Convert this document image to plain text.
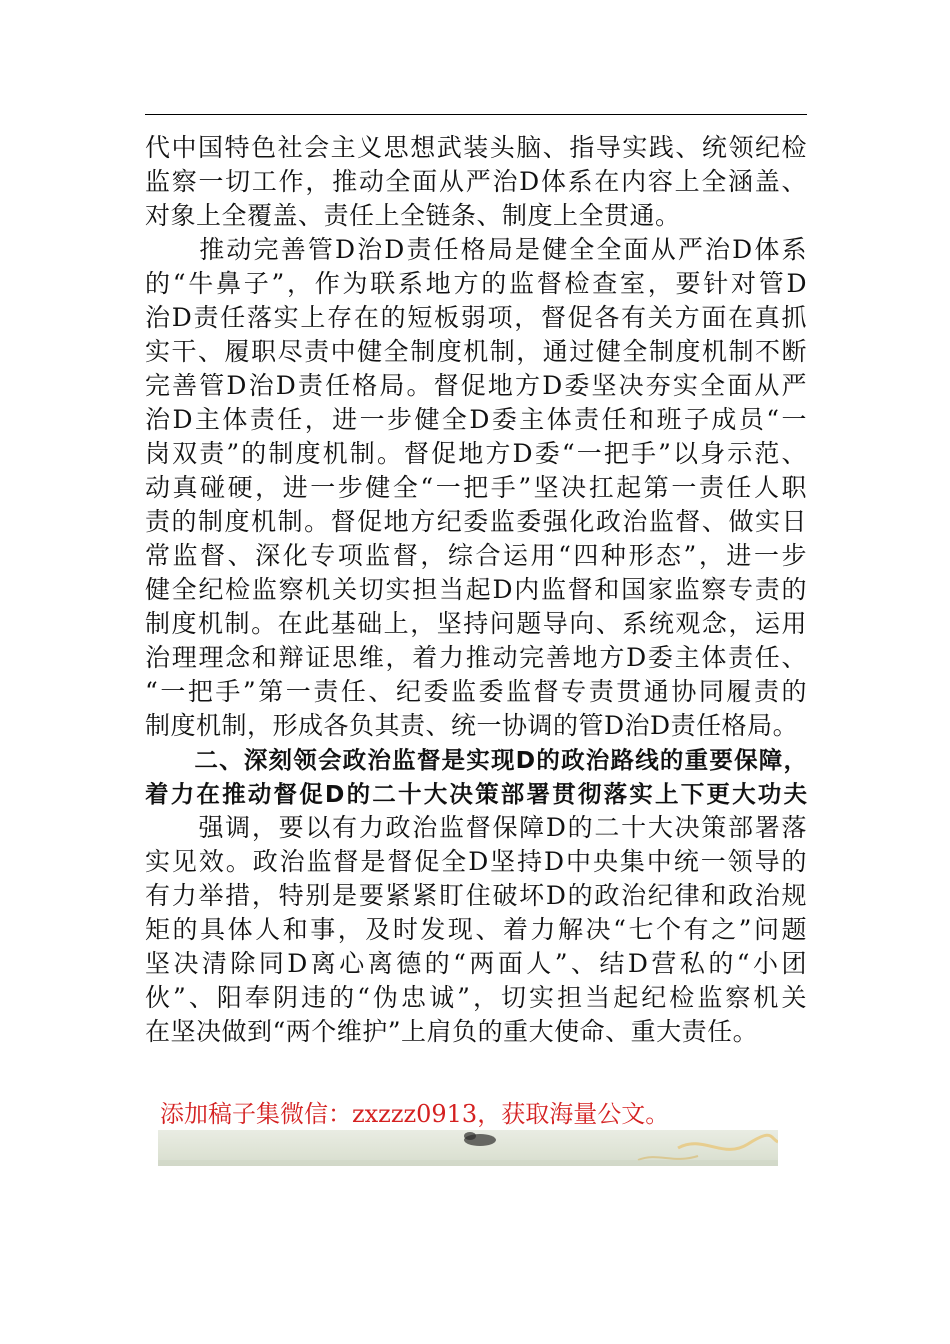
代中国特色社会主义思想武装头脑、指导实践、统领纪检
监察一切工作，推动全面从严治D体系在内容上全涵盖、
对象上全覆盖、责任上全链条、制度上全贯通。
　　推动完善管D治D责任格局是健全全面从严治D体系
的“牛鼻子”，作为联系地方的监督检查室，要针对管D
治D责任落实上存在的短板弱项，督促各有关方面在真抓
实干、履职尽责中健全制度机制，通过健全制度机制不断
完善管D治D责任格局。督促地方D委坚决夯实全面从严
治D主体责任，进一步健全D委主体责任和班子成员“一
岗双责”的制度机制。督促地方D委“一把手”以身示范、
动真碰硬，进一步健全“一把手”坚决扛起第一责任人职
责的制度机制。督促地方纪委监委强化政治监督、做实日
常监督、深化专项监督，综合运用“四种形态”，进一步
健全纪检监察机关切实担当起D内监督和国家监察专责的
制度机制。在此基础上，坚持问题导向、系统观念，运用
治理理念和辩证思维，着力推动完善地方D委主体责任、
“一把手”第一责任、纪委监委监督专责贯通协同履责的
制度机制，形成各负其责、统一协调的管D治D责任格局。
　　二、深刻领会政治监督是实现D的政治路线的重要保障，
着力在推动督促D的二十大决策部署贯彻落实上下更大功夫
　　强调，要以有力政治监督保障D的二十大决策部署落
实见效。政治监督是督促全D坚持D中央集中统一领导的
有力举措，特别是要紧紧盯住破坏D的政治纪律和政治规
矩的具体人和事，及时发现、着力解决“七个有之”问题
坚决清除同D离心离德的“两面人”、结D营私的“小团
伙”、阳奉阴违的“伪忠诚”，切实担当起纪检监察机关
在坚决做到“两个维护”上肩负的重大使命、重大责任。
添加稿子集微信：zxzzz0913，获取海量公文。
